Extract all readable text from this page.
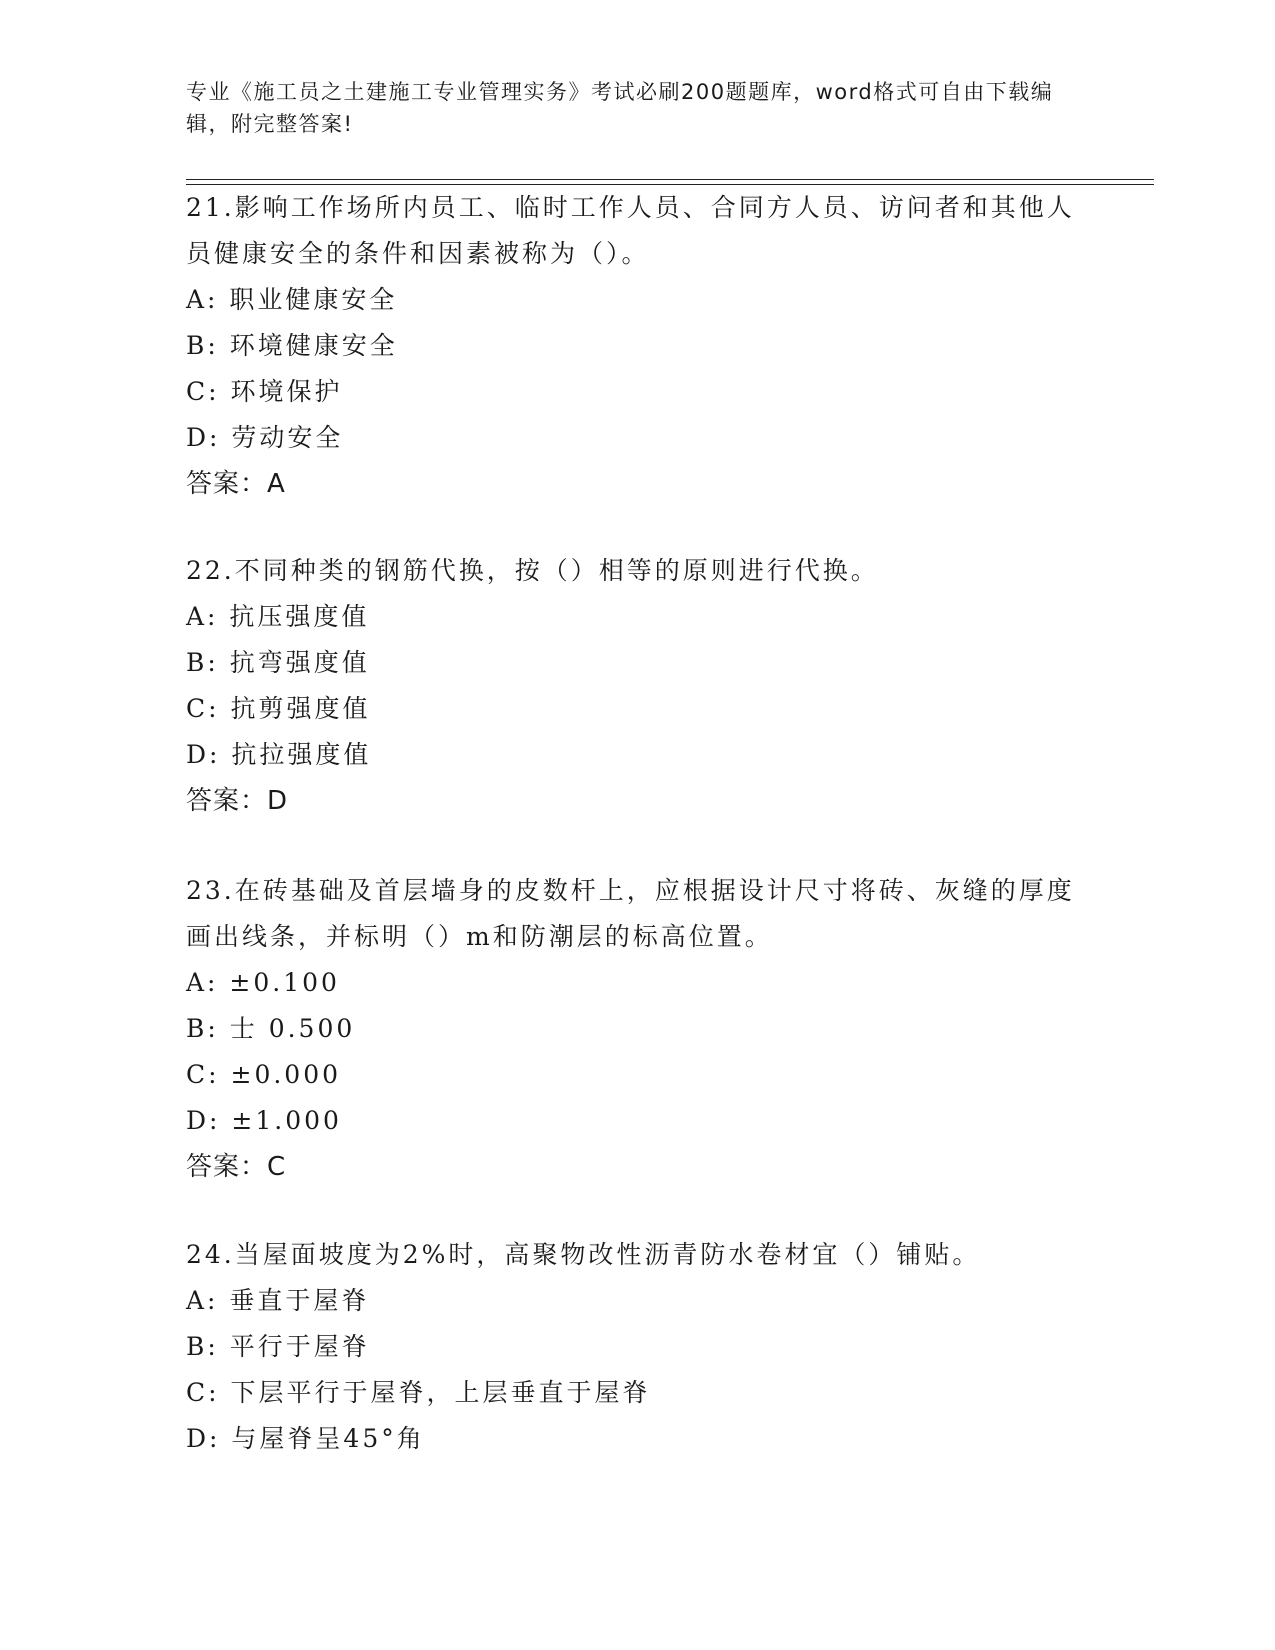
专业《施工员之土建施工专业管理实务》考试必刷200题题库，word格式可自由下载编辑，附完整答案!

21.影响工作场所内员工、临时工作人员、合同方人员、访问者和其他人员健康安全的条件和因素被称为（）。

A: 职业健康安全
B: 环境健康安全
C: 环境保护
D: 劳动安全
答案：A

22.不同种类的钢筋代换，按（）相等的原则进行代换。

A: 抗压强度值
B: 抗弯强度值
C: 抗剪强度值
D: 抗拉强度值
答案：D

23.在砖基础及首层墙身的皮数杆上，应根据设计尺寸将砖、灰缝的厚度画出线条，并标明（）m和防潮层的标高位置。

A: ±0.100
B: 士 0.500
C: ±0.000
D: ±1.000
答案：C

24.当屋面坡度为2%时，高聚物改性沥青防水卷材宜（）铺贴。

A: 垂直于屋脊
B: 平行于屋脊
C: 下层平行于屋脊，上层垂直于屋脊
D: 与屋脊呈45°角
